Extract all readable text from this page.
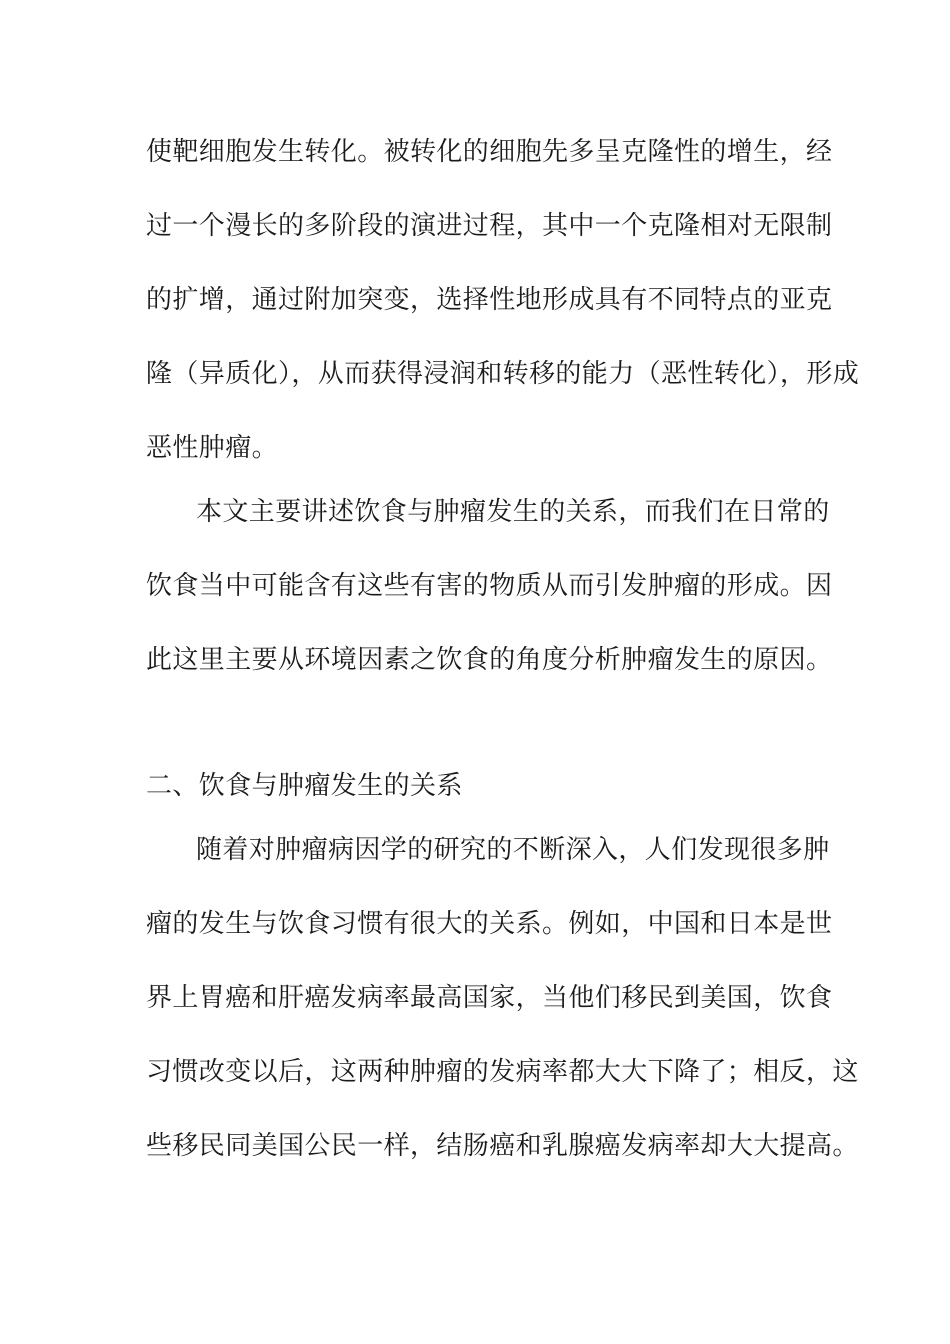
使靶细胞发生转化。被转化的细胞先多呈克隆性的增生，经
过一个漫长的多阶段的演进过程，其中一个克隆相对无限制
的扩增，通过附加突变，选择性地形成具有不同特点的亚克
隆（异质化），从而获得浸润和转移的能力（恶性转化），形成
恶性肿瘤。
本文主要讲述饮食与肿瘤发生的关系，而我们在日常的
饮食当中可能含有这些有害的物质从而引发肿瘤的形成。因
此这里主要从环境因素之饮食的角度分析肿瘤发生的原因。
二、饮食与肿瘤发生的关系
随着对肿瘤病因学的研究的不断深入，人们发现很多肿
瘤的发生与饮食习惯有很大的关系。例如，中国和日本是世
界上胃癌和肝癌发病率最高国家，当他们移民到美国，饮食
习惯改变以后，这两种肿瘤的发病率都大大下降了；相反，这
些移民同美国公民一样，结肠癌和乳腺癌发病率却大大提高。
